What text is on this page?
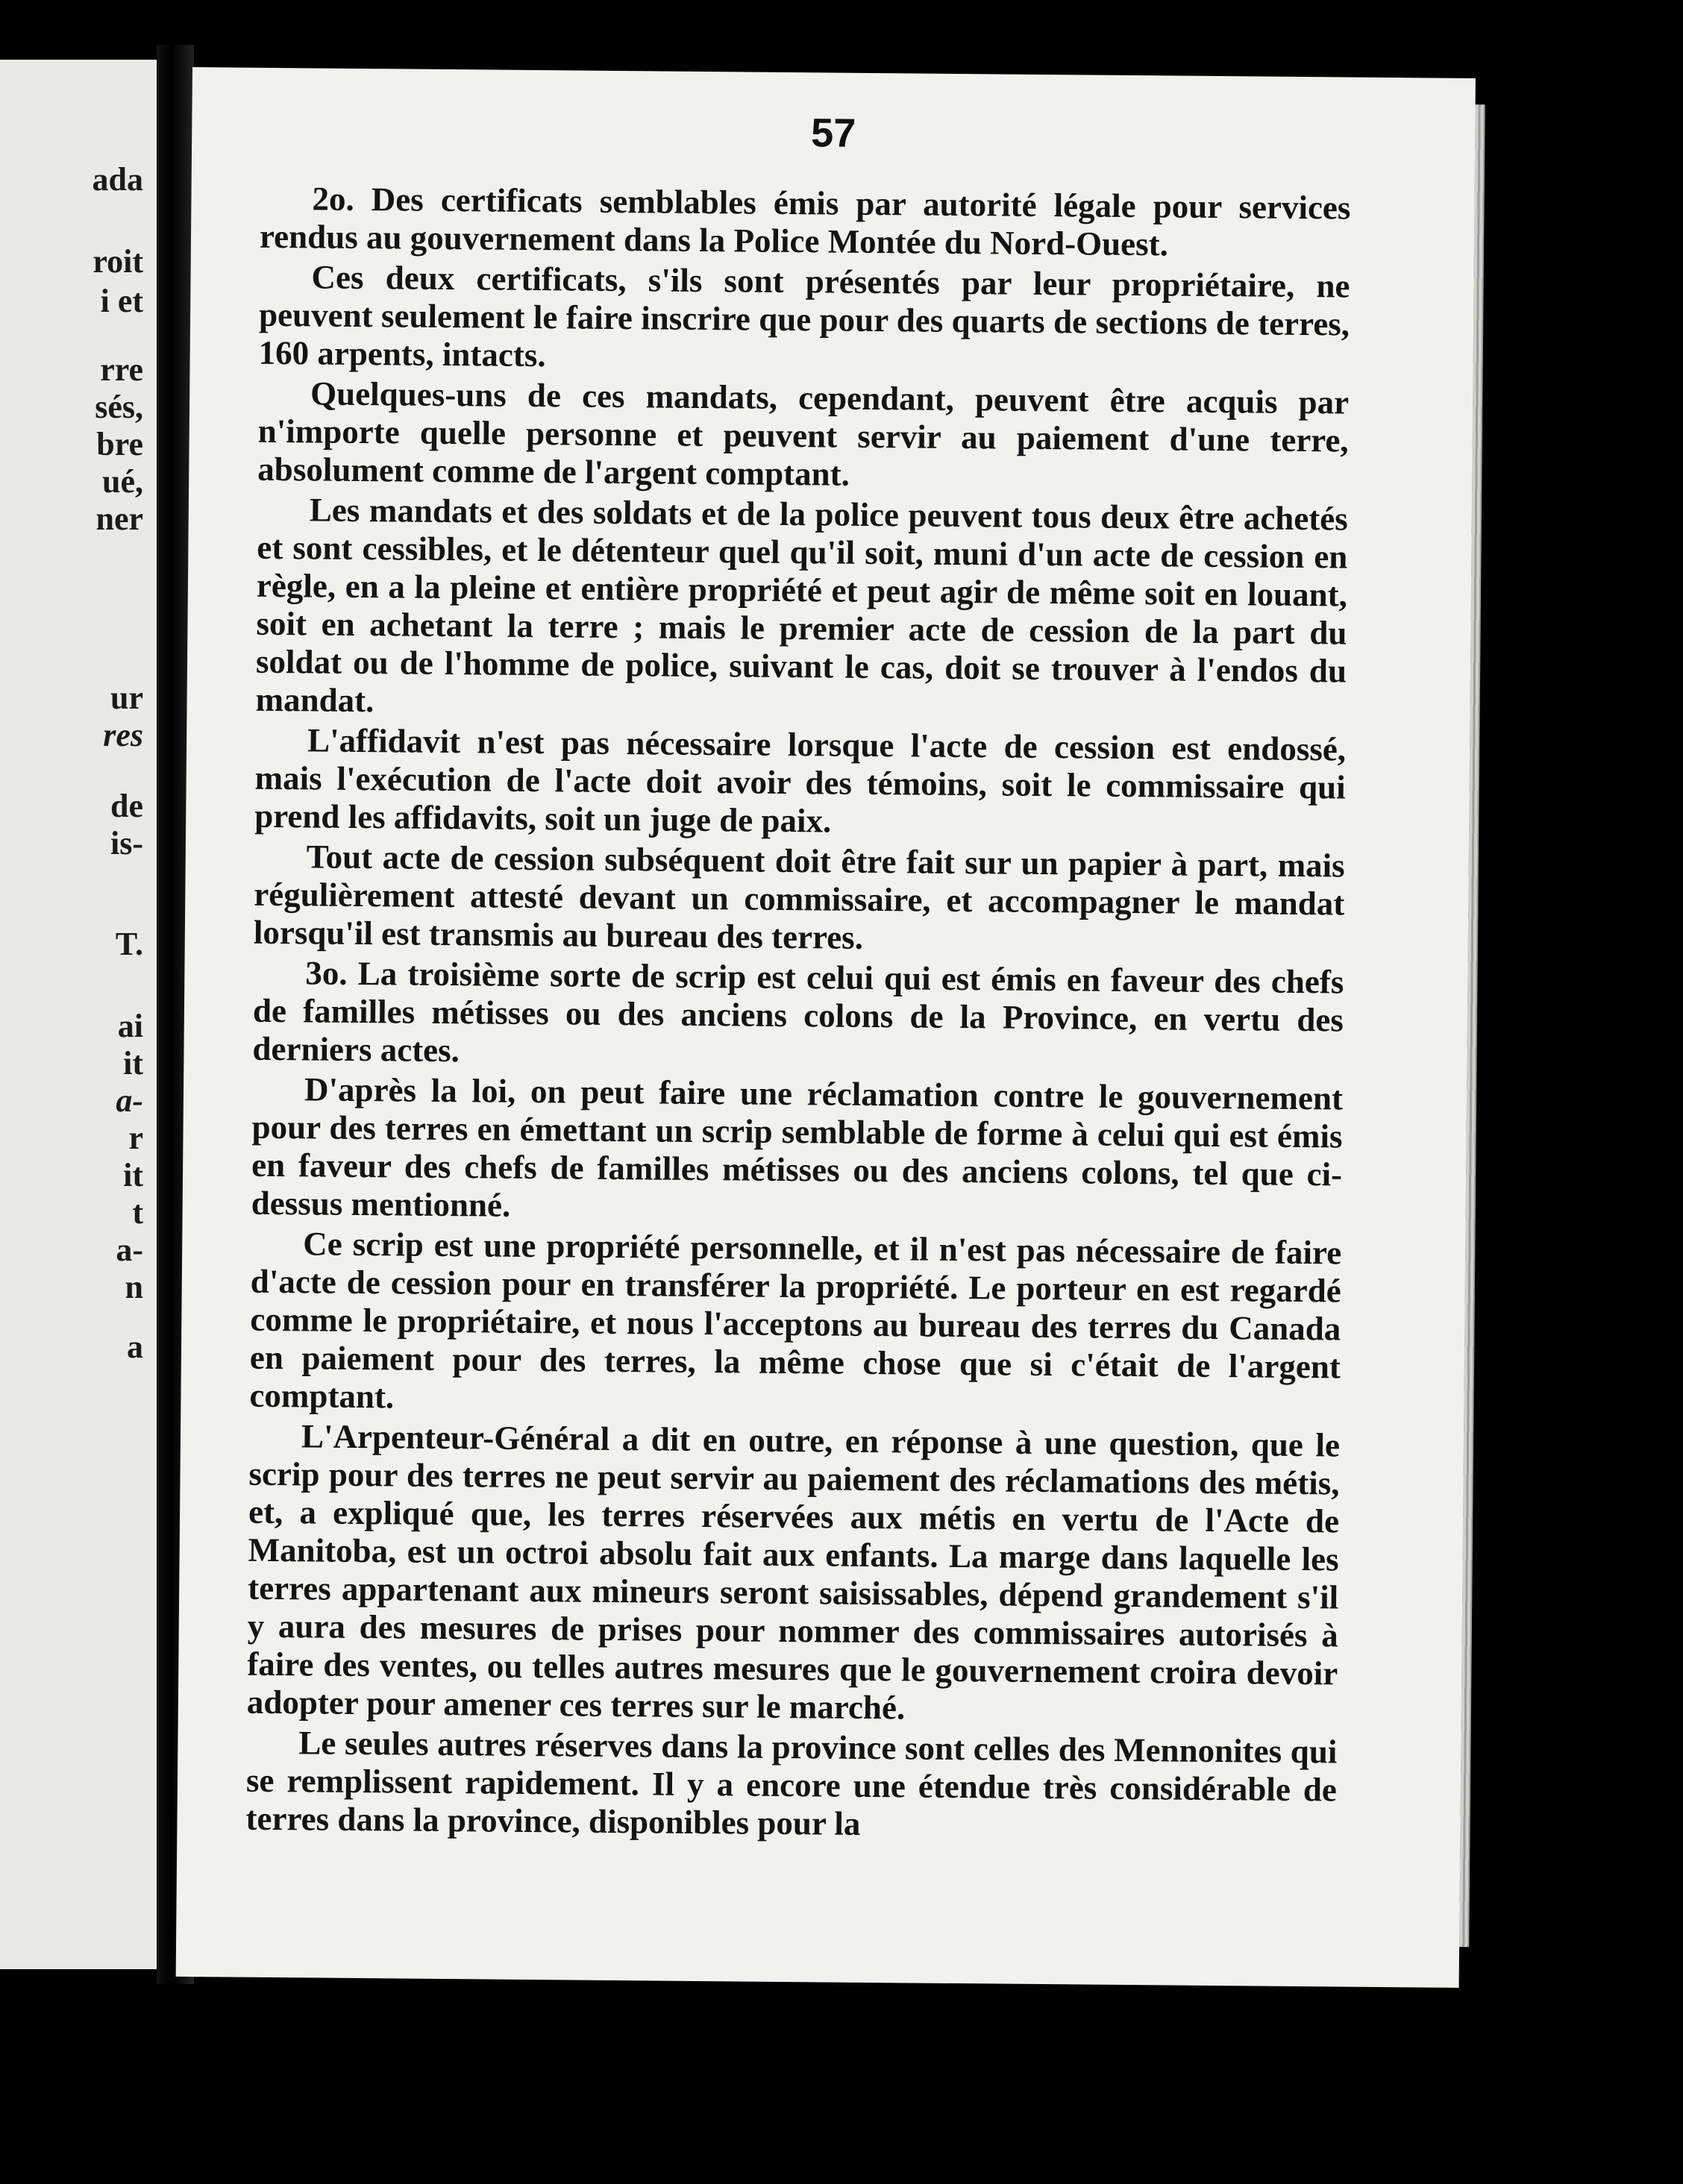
ada
roit
i et
rre
sés,
bre
ué,
ner
ur
res
de
is-
T.
ai
it
a-
r
it
t
a-
n
a
57

2o. Des certificats semblables émis par autorité légale pour services rendus au gouvernement dans la Police Montée du Nord-Ouest.

Ces deux certificats, s'ils sont présentés par leur propriétaire, ne peuvent seulement le faire inscrire que pour des quarts de sections de terres, 160 arpents, intacts.

Quelques-uns de ces mandats, cependant, peuvent être acquis par n'importe quelle personne et peuvent servir au paiement d'une terre, absolument comme de l'argent comptant.

Les mandats et des soldats et de la police peuvent tous deux être achetés et sont cessibles, et le détenteur quel qu'il soit, muni d'un acte de cession en règle, en a la pleine et entière propriété et peut agir de même soit en louant, soit en achetant la terre ; mais le premier acte de cession de la part du soldat ou de l'homme de police, suivant le cas, doit se trouver à l'endos du mandat.

L'affidavit n'est pas nécessaire lorsque l'acte de cession est endossé, mais l'exécution de l'acte doit avoir des témoins, soit le commissaire qui prend les affidavits, soit un juge de paix.

Tout acte de cession subséquent doit être fait sur un papier à part, mais régulièrement attesté devant un commissaire, et accompagner le mandat lorsqu'il est transmis au bureau des terres.

3o. La troisième sorte de scrip est celui qui est émis en faveur des chefs de familles métisses ou des anciens colons de la Province, en vertu des derniers actes.

D'après la loi, on peut faire une réclamation contre le gouvernement pour des terres en émettant un scrip semblable de forme à celui qui est émis en faveur des chefs de familles métisses ou des anciens colons, tel que ci-dessus mentionné.

Ce scrip est une propriété personnelle, et il n'est pas nécessaire de faire d'acte de cession pour en transférer la propriété. Le porteur en est regardé comme le propriétaire, et nous l'acceptons au bureau des terres du Canada en paiement pour des terres, la même chose que si c'était de l'argent comptant.

L'Arpenteur-Général a dit en outre, en réponse à une question, que le scrip pour des terres ne peut servir au paiement des réclamations des métis, et, a expliqué que, les terres réservées aux métis en vertu de l'Acte de Manitoba, est un octroi absolu fait aux enfants. La marge dans laquelle les terres appartenant aux mineurs seront saisissables, dépend grandement s'il y aura des mesures de prises pour nommer des commissaires autorisés à faire des ventes, ou telles autres mesures que le gouvernement croira devoir adopter pour amener ces terres sur le marché.

Le seules autres réserves dans la province sont celles des Mennonites qui se remplissent rapidement. Il y a encore une étendue très considérable de terres dans la province, disponibles pour la
